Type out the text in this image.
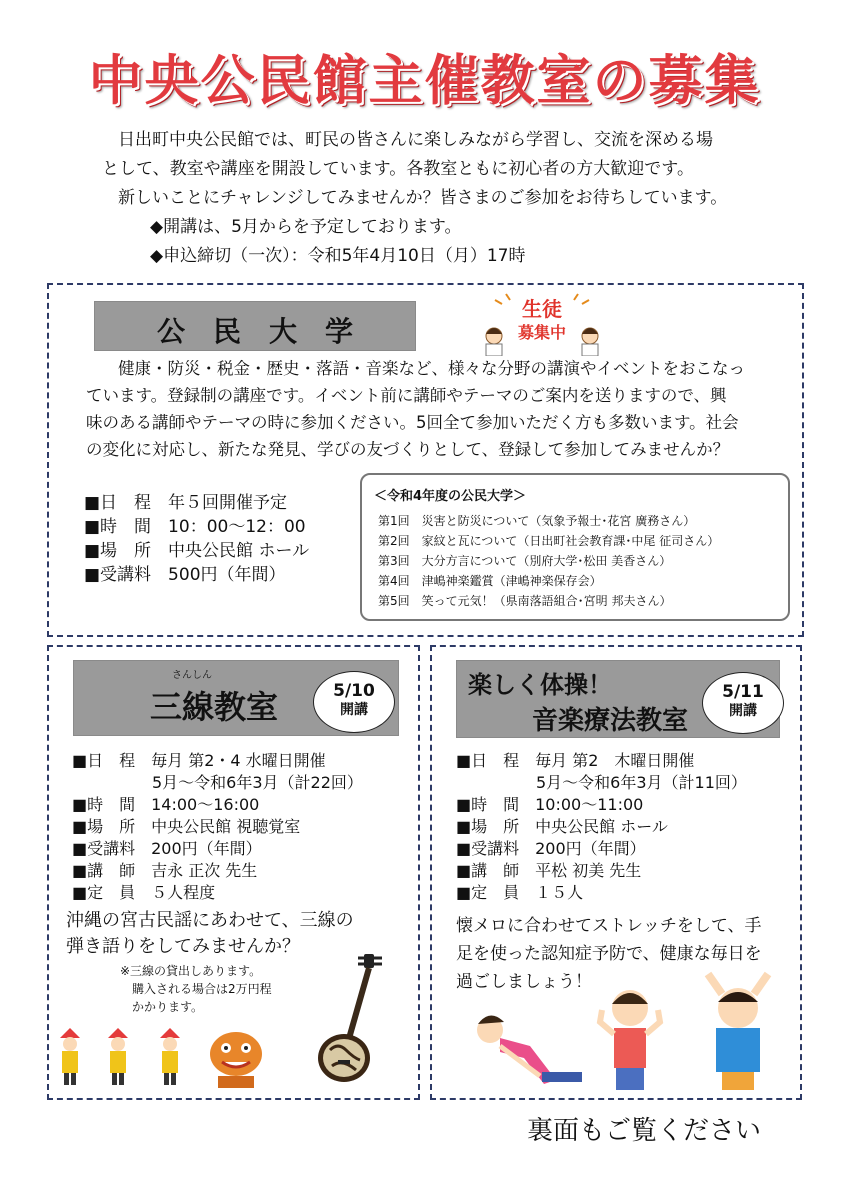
中央公民館主催教室の募集
日出町中央公民館では、町民の皆さんに楽しみながら学習し、交流を深める場
として、教室や講座を開設しています。各教室ともに初心者の方大歓迎です。
新しいことにチャレンジしてみませんか？皆さまのご参加をお待ちしています。
◆開講は、5月からを予定しております。
◆申込締切（一次）：令和5年4月10日（月）17時
公　民　大　学
生徒
募集中
健康・防災・税金・歴史・落語・音楽など、様々な分野の講演やイベントをおこなっ
ています。登録制の講座です。イベント前に講師やテーマのご案内を送りますので、興
味のある講師やテーマの時に参加ください。5回全て参加いただく方も多数います。社会
の変化に対応し、新たな発見、学びの友づくりとして、登録して参加してみませんか？
■日　程　年５回開催予定
■時　間　10：00～12：00
■場　所　中央公民館 ホール
■受講料　500円（年間）
＜令和4年度の公民大学＞
第1回　 災害と防災について（気象予報士･花宮 廣務さん）
第2回　 家紋と瓦について（日出町社会教育課･中尾 征司さん）
第3回　 大分方言について（別府大学･松田 美香さん）
第4回　 津嶋神楽鑑賞（津嶋神楽保存会）
第5回　 笑って元気！（県南落語組合･宮明 邦夫さん）
さんしん
三線教室	5/10
開講
■日　程　毎月 第2・4 水曜日開催
　　　　　5月～令和6年3月（計22回）
■時　間　14:00～16:00
■場　所　中央公民館 視聴覚室
■受講料　200円（年間）
■講　師　吉永 正次 先生
■定　員　５人程度
沖縄の宮古民謡にあわせて、三線の
弾き語りをしてみませんか？
※三線の貸出しあります。
　購入される場合は2万円程
　かかります。
楽しく体操！
音楽療法教室
5/11
開講
■日　程　毎月 第2　木曜日開催
　　　　　5月～令和6年3月（計11回）
■時　間　10:00～11:00
■場　所　中央公民館 ホール
■受講料　200円（年間）
■講　師　平松 初美 先生
■定　員　１５人
懐メロに合わせてストレッチをして、手
足を使った認知症予防で、健康な毎日を
過ごしましょう！
裏面もご覧ください
